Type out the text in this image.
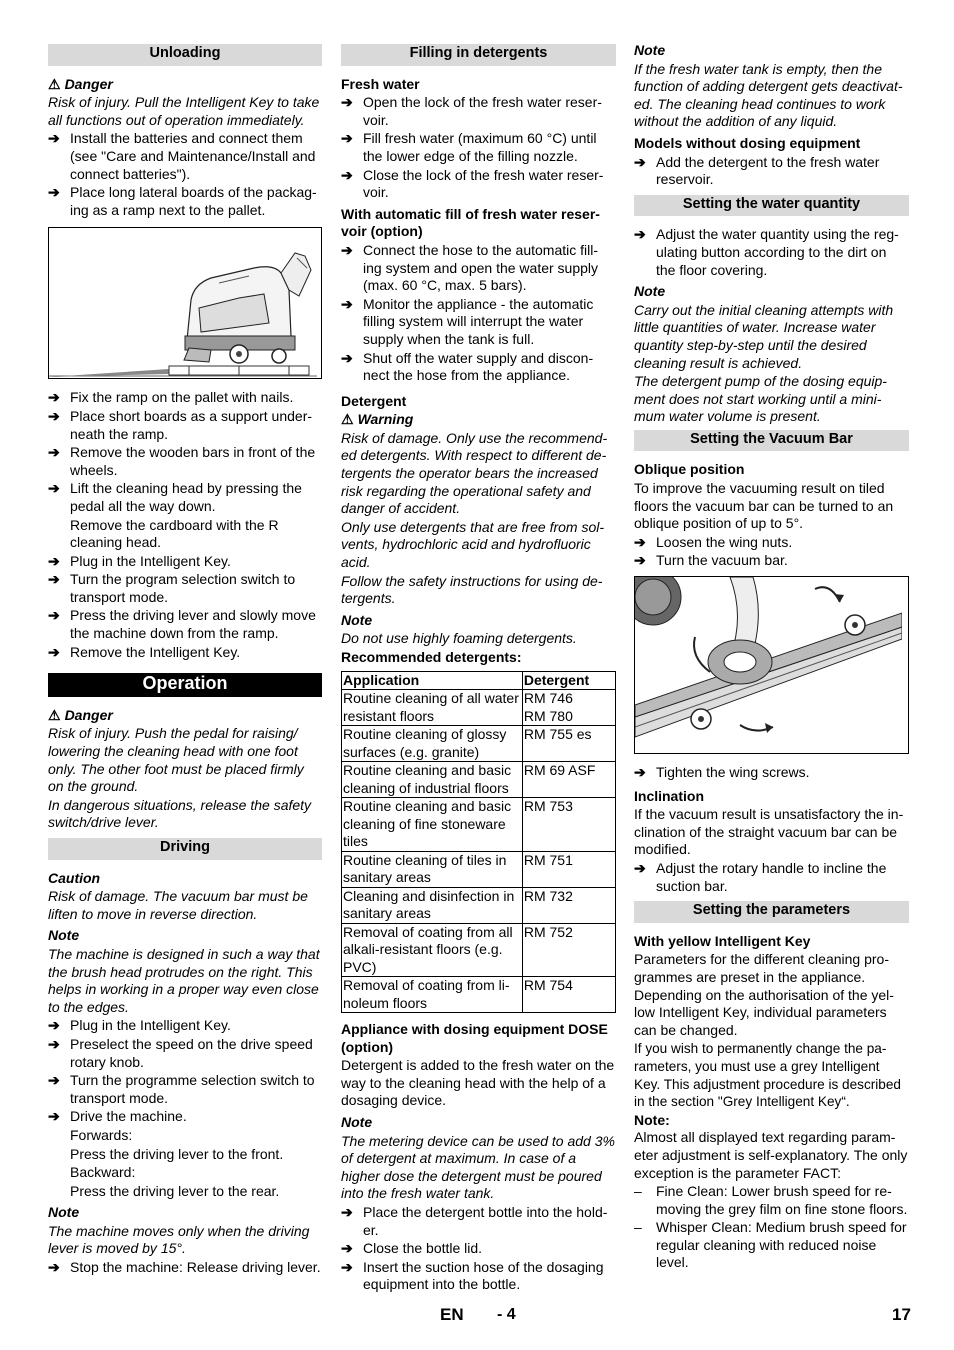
Unloading
⚠ Danger
Risk of injury. Pull the Intelligent Key to take all functions out of operation immediately.
➔ Install the batteries and connect them (see "Care and Maintenance/Install and connect batteries").
➔ Place long lateral boards of the packag-ing as a ramp next to the pallet.
➔ Fix the ramp on the pallet with nails.
➔ Place short boards as a support under-neath the ramp.
➔ Remove the wooden bars in front of the wheels.
➔ Lift the cleaning head by pressing the pedal all the way down.
Remove the cardboard with the R cleaning head.
➔ Plug in the Intelligent Key.
➔ Turn the program selection switch to transport mode.
➔ Press the driving lever and slowly move the machine down from the ramp.
➔ Remove the Intelligent Key.
Operation
⚠ Danger
Risk of injury. Push the pedal for raising/ lowering the cleaning head with one foot only. The other foot must be placed firmly on the ground.
In dangerous situations, release the safety switch/drive lever.
Driving
Caution
Risk of damage. The vacuum bar must be liften to move in reverse direction.
Note
The machine is designed in such a way that the brush head protrudes on the right. This helps in working in a proper way even close to the edges.
➔ Plug in the Intelligent Key.
➔ Preselect the speed on the drive speed rotary knob.
➔ Turn the programme selection switch to transport mode.
➔ Drive the machine.
Forwards:
Press the driving lever to the front.
Backward:
Press the driving lever to the rear.
Note
The machine moves only when the driving lever is moved by 15°.
➔ Stop the machine: Release driving lever.
Filling in detergents
Fresh water
➔ Open the lock of the fresh water reser-voir.
➔ Fill fresh water (maximum 60 °C) until the lower edge of the filling nozzle.
➔ Close the lock of the fresh water reser-voir.
With automatic fill of fresh water reser-voir (option)
➔ Connect the hose to the automatic fill-ing system and open the water supply (max. 60 °C, max. 5 bars).
➔ Monitor the appliance - the automatic filling system will interrupt the water supply when the tank is full.
➔ Shut off the water supply and discon-nect the hose from the appliance.
Detergent
⚠ Warning
Risk of damage. Only use the recommend-ed detergents. With respect to different de-tergents the operator bears the increased risk regarding the operational safety and danger of accident.
Only use detergents that are free from sol-vents, hydrochloric acid and hydrofluoric acid.
Follow the safety instructions for using de-tergents.
Note
Do not use highly foaming detergents.
Recommended detergents:
Application	Detergent
Routine cleaning of all water resistant floors	RM 746
RM 780
Routine cleaning of glossy surfaces (e.g. granite)	RM 755 es
Routine cleaning and basic cleaning of industrial floors	RM 69 ASF
Routine cleaning and basic cleaning of fine stoneware tiles	RM 753
Routine cleaning of tiles in sanitary areas	RM 751
Cleaning and disinfection in sanitary areas	RM 732
Removal of coating from all alkali-resistant floors (e.g. PVC)	RM 752
Removal of coating from li-noleum floors	RM 754
Appliance with dosing equipment DOSE (option)
Detergent is added to the fresh water on the way to the cleaning head with the help of a dosaging device.
Note
The metering device can be used to add 3% of detergent at maximum. In case of a higher dose the detergent must be poured into the fresh water tank.
➔ Place the detergent bottle into the hold-er.
➔ Close the bottle lid.
➔ Insert the suction hose of the dosaging equipment into the bottle.
Note
If the fresh water tank is empty, then the function of adding detergent gets deactivat-ed. The cleaning head continues to work without the addition of any liquid.
Models without dosing equipment
➔ Add the detergent to the fresh water reservoir.
Setting the water quantity
➔ Adjust the water quantity using the reg-ulating button according to the dirt on the floor covering.
Note
Carry out the initial cleaning attempts with little quantities of water. Increase water quantity step-by-step until the desired cleaning result is achieved.
The detergent pump of the dosing equip-ment does not start working until a mini-mum water volume is present.
Setting the Vacuum Bar
Oblique position
To improve the vacuuming result on tiled floors the vacuum bar can be turned to an oblique position of up to 5°.
➔ Loosen the wing nuts.
➔ Turn the vacuum bar.
➔ Tighten the wing screws.
Inclination
If the vacuum result is unsatisfactory the in-clination of the straight vacuum bar can be modified.
➔ Adjust the rotary handle to incline the suction bar.
Setting the parameters
With yellow Intelligent Key
Parameters for the different cleaning pro-grammes are preset in the appliance. Depending on the authorisation of the yel-low Intelligent Key, individual parameters can be changed.
If you wish to permanently change the pa-rameters, you must use a grey Intelligent Key. This adjustment procedure is described in the section "Grey Intelligent Key“.
Note:
Almost all displayed text regarding param-eter adjustment is self-explanatory. The only exception is the parameter FACT:
–	Fine Clean: Lower brush speed for re-moving the grey film on fine stone floors.
–	Whisper Clean: Medium brush speed for regular cleaning with reduced noise level.
EN - 4	17
